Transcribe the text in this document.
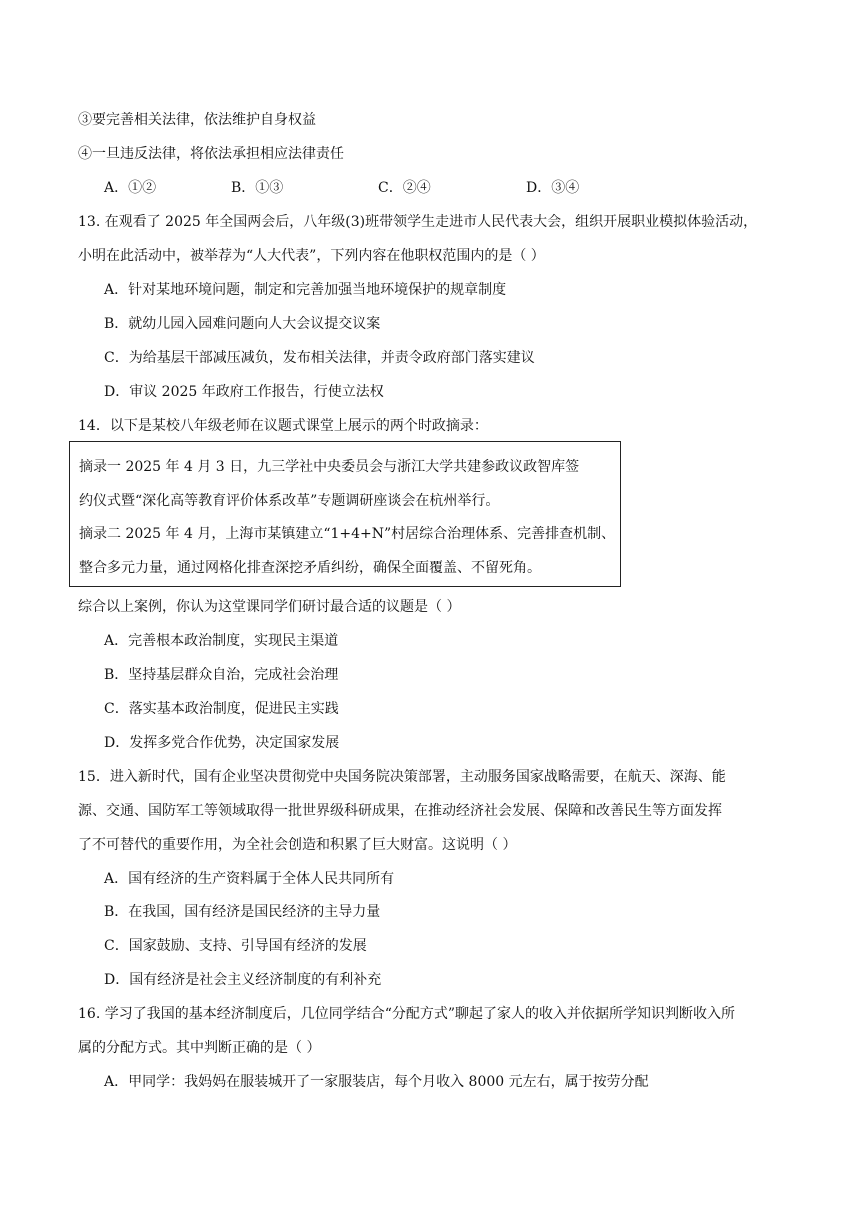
③要完善相关法律，依法维护自身权益
④一旦违反法律，将依法承担相应法律责任
A．①②	B．①③	C．②④	D．③④
13. 在观看了 2025 年全国两会后，八年级(3)班带领学生走进市人民代表大会，组织开展职业模拟体验活动，
小明在此活动中，被举荐为“人大代表”，下列内容在他职权范围内的是（ ）
A．针对某地环境问题，制定和完善加强当地环境保护的规章制度
B．就幼儿园入园难问题向人大会议提交议案
C．为给基层干部减压减负，发布相关法律，并责令政府部门落实建议
D．审议 2025 年政府工作报告，行使立法权
14．以下是某校八年级老师在议题式课堂上展示的两个时政摘录：
摘录一 2025 年 4 月 3 日，九三学社中央委员会与浙江大学共建参政议政智库签
约仪式暨“深化高等教育评价体系改革”专题调研座谈会在杭州举行。
摘录二 2025 年 4 月，上海市某镇建立“1+4+N”村居综合治理体系、完善排查机制、
整合多元力量，通过网格化排查深挖矛盾纠纷，确保全面覆盖、不留死角。
综合以上案例，你认为这堂课同学们研讨最合适的议题是（ ）
A．完善根本政治制度，实现民主渠道
B．坚持基层群众自治，完成社会治理
C．落实基本政治制度，促进民主实践
D．发挥多党合作优势，决定国家发展
15．进入新时代，国有企业坚决贯彻党中央国务院决策部署，主动服务国家战略需要，在航天、深海、能
源、交通、国防军工等领域取得一批世界级科研成果，在推动经济社会发展、保障和改善民生等方面发挥
了不可替代的重要作用，为全社会创造和积累了巨大财富。这说明（ ）
A．国有经济的生产资料属于全体人民共同所有
B．在我国，国有经济是国民经济的主导力量
C．国家鼓励、支持、引导国有经济的发展
D．国有经济是社会主义经济制度的有利补充
16. 学习了我国的基本经济制度后，几位同学结合“分配方式”聊起了家人的收入并依据所学知识判断收入所
属的分配方式。其中判断正确的是（ ）
A．甲同学：我妈妈在服装城开了一家服装店，每个月收入 8000 元左右，属于按劳分配
